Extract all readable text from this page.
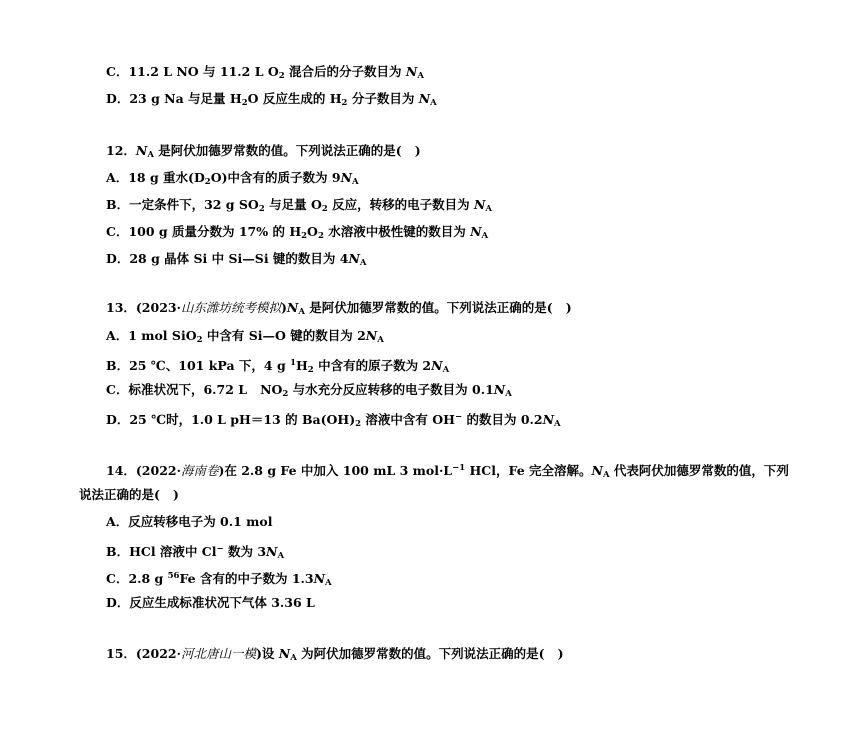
C．11.2 L NO 与 11.2 L $O_2$ 混合后的分子数目为 $N_A$
D．23 g Na 与足量 $H_2O$ 反应生成的 $H_2$ 分子数目为 $N_A$
12．$N_A$ 是阿伏加德罗常数的值。下列说法正确的是(   )
A．18 g 重水$(D_2O)$中含有的质子数为 $9N_A$
B．一定条件下，32 g $SO_2$ 与足量 $O_2$ 反应，转移的电子数目为 $N_A$
C．100 g 质量分数为 17% 的 $H_2O_2$ 水溶液中极性键的数目为 $N_A$
D．28 g 晶体 Si 中 Si—Si 键的数目为 $4N_A$
13．(2023·山东潍坊统考模拟)$N_A$ 是阿伏加德罗常数的值。下列说法正确的是(   )
A．1 mol SiO$_2$ 中含有 Si—O 键的数目为 $2N_A$
B．25 ℃、101 kPa 下，4 g $^1H_2$ 中含有的原子数为 $2N_A$
C．标准状况下，6.72 L   $NO_2$ 与水充分反应转移的电子数目为 $0.1N_A$
D．25 ℃时，1.0 L pH＝13 的 $Ba(OH)_2$ 溶液中含有 OH− 的数目为 $0.2N_A$
14．(2022·海南卷)在 2.8 g Fe 中加入 100 mL 3 $mol\cdot L^{-1}$ HCl，Fe 完全溶解。$N_A$ 代表阿伏加德罗常数的值，下列
说法正确的是(   )
A．反应转移电子为 0.1 mol
B．HCl 溶液中 Cl− 数为 $3N_A$
C．2.8 g $^{56}$Fe 含有的中子数为 $1.3N_A$
D．反应生成标准状况下气体 3.36 L
15．(2022·河北唐山一模)设 $N_A$ 为阿伏加德罗常数的值。下列说法正确的是(   )
